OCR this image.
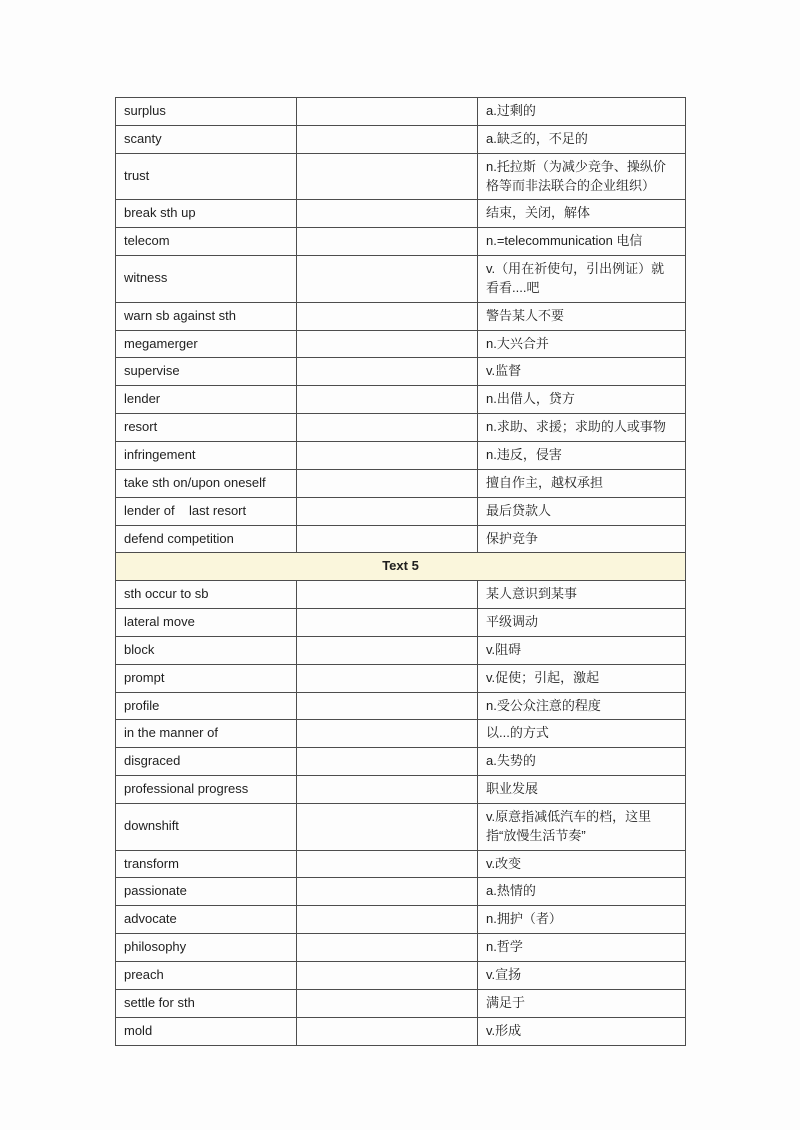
surplus		a.过剩的
scanty		a.缺乏的，不足的
trust		n.托拉斯（为减少竞争、操纵价格等而非法联合的企业组织）
break sth up		结束，关闭，解体
telecom		n.=telecommunication 电信
witness		v.（用在祈使句，引出例证）就看看....吧
warn sb against sth		警告某人不要
megamerger		n.大兴合并
supervise		v.监督
lender		n.出借人，贷方
resort		n.求助、求援；求助的人或事物
infringement		n.违反，侵害
take sth on/upon oneself		擅自作主，越权承担
lender of    last resort		最后贷款人
defend competition		保护竞争
Text 5		
sth occur to sb		某人意识到某事
lateral move		平级调动
block		v.阻碍
prompt		v.促使；引起，激起
profile		n.受公众注意的程度
in the manner of		以...的方式
disgraced		a.失势的
professional progress		职业发展
downshift		v.原意指减低汽车的档，这里指“放慢生活节奏”
transform		v.改变
passionate		a.热情的
advocate		n.拥护（者）
philosophy		n.哲学
preach		v.宣扬
settle for sth		满足于
mold		v.形成
